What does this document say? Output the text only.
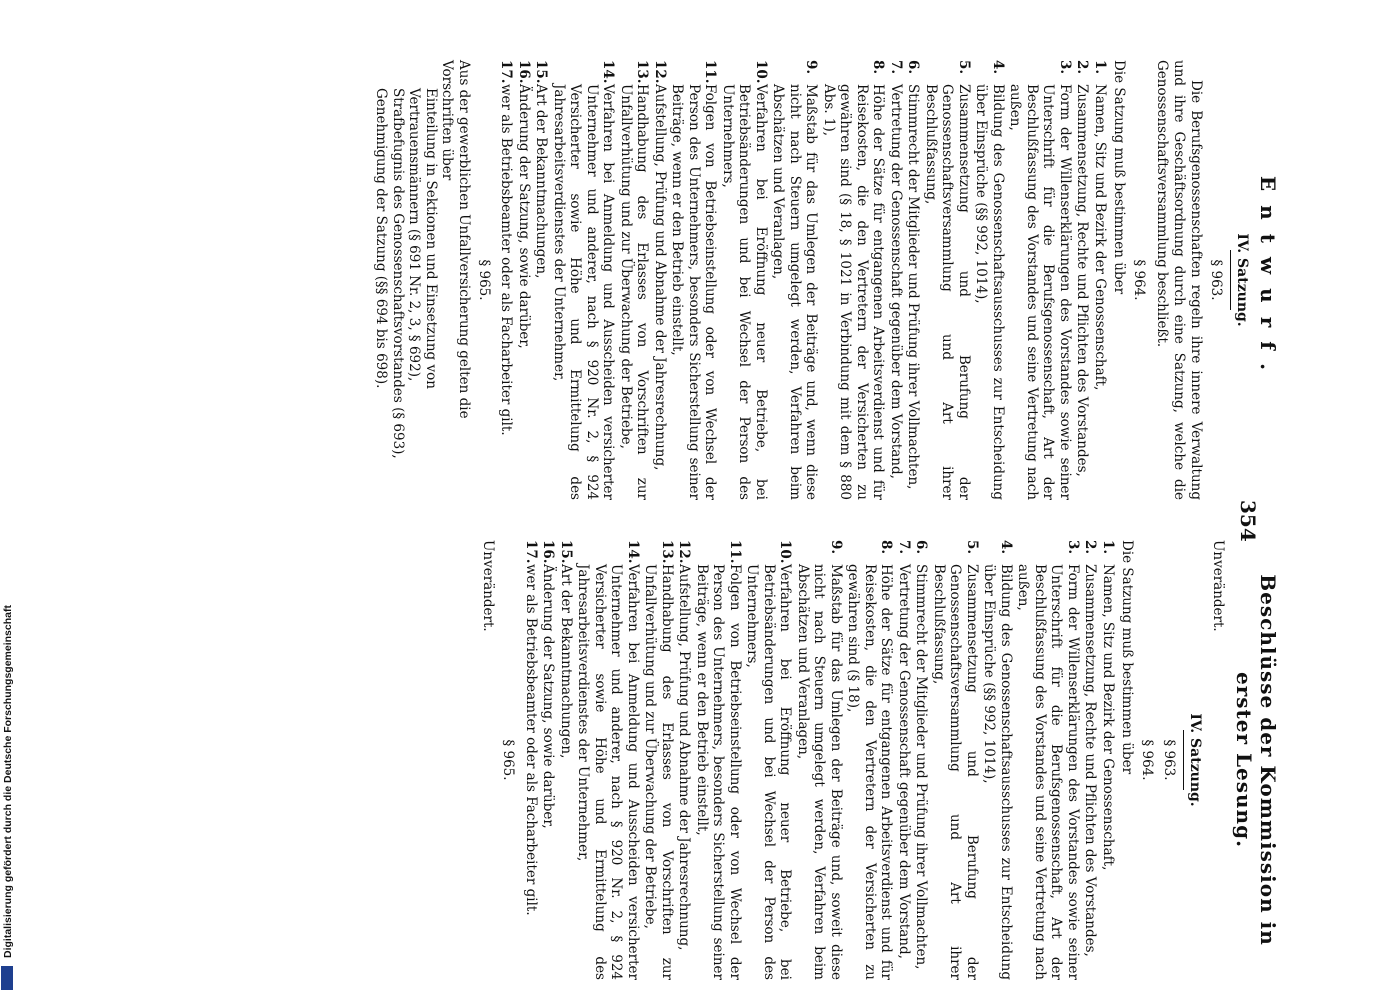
354
Entwurf.
IV. Satzung.
§ 963.

Die Berufsgenossenschaften regeln ihre innere Verwaltung und ihre Geschäftsordnung durch eine Satzung, welche die Genossenschaftsversammlung beschließt.

§ 964.

Die Satzung muß bestimmen über

1.
Namen, Sitz und Bezirk der Genossenschaft,
2.
Zusammensetzung, Rechte und Pflichten des Vorstandes,
3.
Form der Willenserklärungen des Vorstandes sowie seiner Unterschrift für die Berufsgenossenschaft, Art der Beschlußfassung des Vorstandes und seine Vertretung nach außen,
4.
Bildung des Genossenschaftsausschusses zur Entscheidung über Einsprüche (§§ 992, 1014),
5.
Zusammensetzung und Berufung der Genossenschaftsversammlung und Art ihrer Beschlußfassung,
6.
Stimmrecht der Mitglieder und Prüfung ihrer Vollmachten,
7.
Vertretung der Genossenschaft gegenüber dem Vorstand,
8.
Höhe der Sätze für entgangenen Arbeitsverdienst und für Reisekosten, die den Vertretern der Versicherten zu gewähren sind (§ 18, § 1021 in Verbindung mit dem § 880 Abs. 1),
9.
Maßstab für das Umlegen der Beiträge und, wenn diese nicht nach Steuern umgelegt werden, Verfahren beim Abschätzen und Veranlagen,
10.
Verfahren bei Eröffnung neuer Betriebe, bei Betriebsänderungen und bei Wechsel der Person des Unternehmers,
11.
Folgen von Betriebseinstellung oder von Wechsel der Person des Unternehmers, besonders Sicherstellung seiner Beiträge, wenn er den Betrieb einstellt,
12.
Aufstellung, Prüfung und Abnahme der Jahresrechnung,
13.
Handhabung des Erlasses von Vorschriften zur Unfallverhütung und zur Überwachung der Betriebe,
14.
Verfahren bei Anmeldung und Ausscheiden versicherter Unternehmer und anderer, nach § 920 Nr. 2, § 924 Versicherter sowie Höhe und Ermittelung des Jahresarbeitsverdienstes der Unternehmer,
15.
Art der Bekanntmachungen,
16.
Änderung der Satzung, sowie darüber,
17.
wer als Betriebsbeamter oder als Facharbeiter gilt.
§ 965.

Aus der gewerblichen Unfallversicherung gelten die Vorschriften über

Einteilung in Sektionen und Einsetzung von Vertrauensmännern (§ 691 Nr. 2, 3, § 692),
Strafbefugnis des Genossenschaftsvorstandes (§ 693),
Genehmigung der Satzung (§§ 694 bis 698).
Beschlüsse der Kommission in erster Lesung.

Unverändert.

IV. Satzung.
§ 963.
§ 964.

Die Satzung muß bestimmen über

1.
Namen, Sitz und Bezirk der Genossenschaft,
2.
Zusammensetzung, Rechte und Pflichten des Vorstandes,
3.
Form der Willenserklärungen des Vorstandes sowie seiner Unterschrift für die Berufsgenossenschaft, Art der Beschlußfassung des Vorstandes und seine Vertretung nach außen,
4.
Bildung des Genossenschaftsausschusses zur Entscheidung über Einsprüche (§§ 992, 1014),
5.
Zusammensetzung und Berufung der Genossenschaftsversammlung und Art ihrer Beschlußfassung,
6.
Stimmrecht der Mitglieder und Prüfung ihrer Vollmachten,
7.
Vertretung der Genossenschaft gegenüber dem Vorstand,
8.
Höhe der Sätze für entgangenen Arbeitsverdienst und für Reisekosten, die den Vertretern der Versicherten zu gewähren sind (§ 18),
9.
Maßstab für das Umlegen der Beiträge und, soweit diese nicht nach Steuern umgelegt werden, Verfahren beim Abschätzen und Veranlagen,
10.
Verfahren bei Eröffnung neuer Betriebe, bei Betriebsänderungen und bei Wechsel der Person des Unternehmers,
11.
Folgen von Betriebseinstellung oder von Wechsel der Person des Unternehmers, besonders Sicherstellung seiner Beiträge, wenn er den Betrieb einstellt,
12.
Aufstellung, Prüfung und Abnahme der Jahresrechnung,
13.
Handhabung des Erlasses von Vorschriften zur Unfallverhütung und zur Überwachung der Betriebe,
14.
Verfahren bei Anmeldung und Ausscheiden versicherter Unternehmer und anderer, nach § 920 Nr. 2, § 924 Versicherter sowie Höhe und Ermittelung des Jahresarbeitsverdienstes der Unternehmer,
15.
Art der Bekanntmachungen,
16.
Änderung der Satzung, sowie darüber,
17.
wer als Betriebsbeamter oder als Facharbeiter gilt.
§ 965.

Unverändert.

Digitalisierung gefördert durch die Deutsche Forschungsgemeinschaft
